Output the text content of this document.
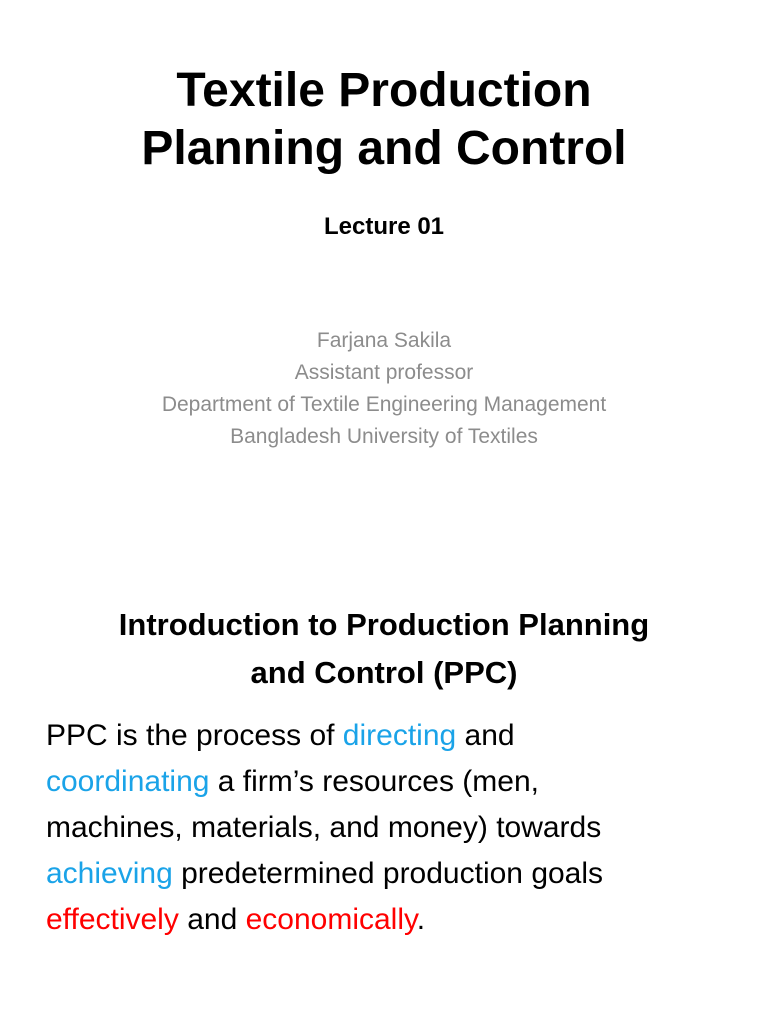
Textile Production
Planning and Control
Lecture 01
Farjana Sakila
Assistant professor
Department of Textile Engineering Management
Bangladesh University of Textiles
Introduction to Production Planning
and Control (PPC)

PPC is the process of directing and
coordinating a firm’s resources (men,
machines, materials, and money) towards
achieving predetermined production goals
effectively and economically.
